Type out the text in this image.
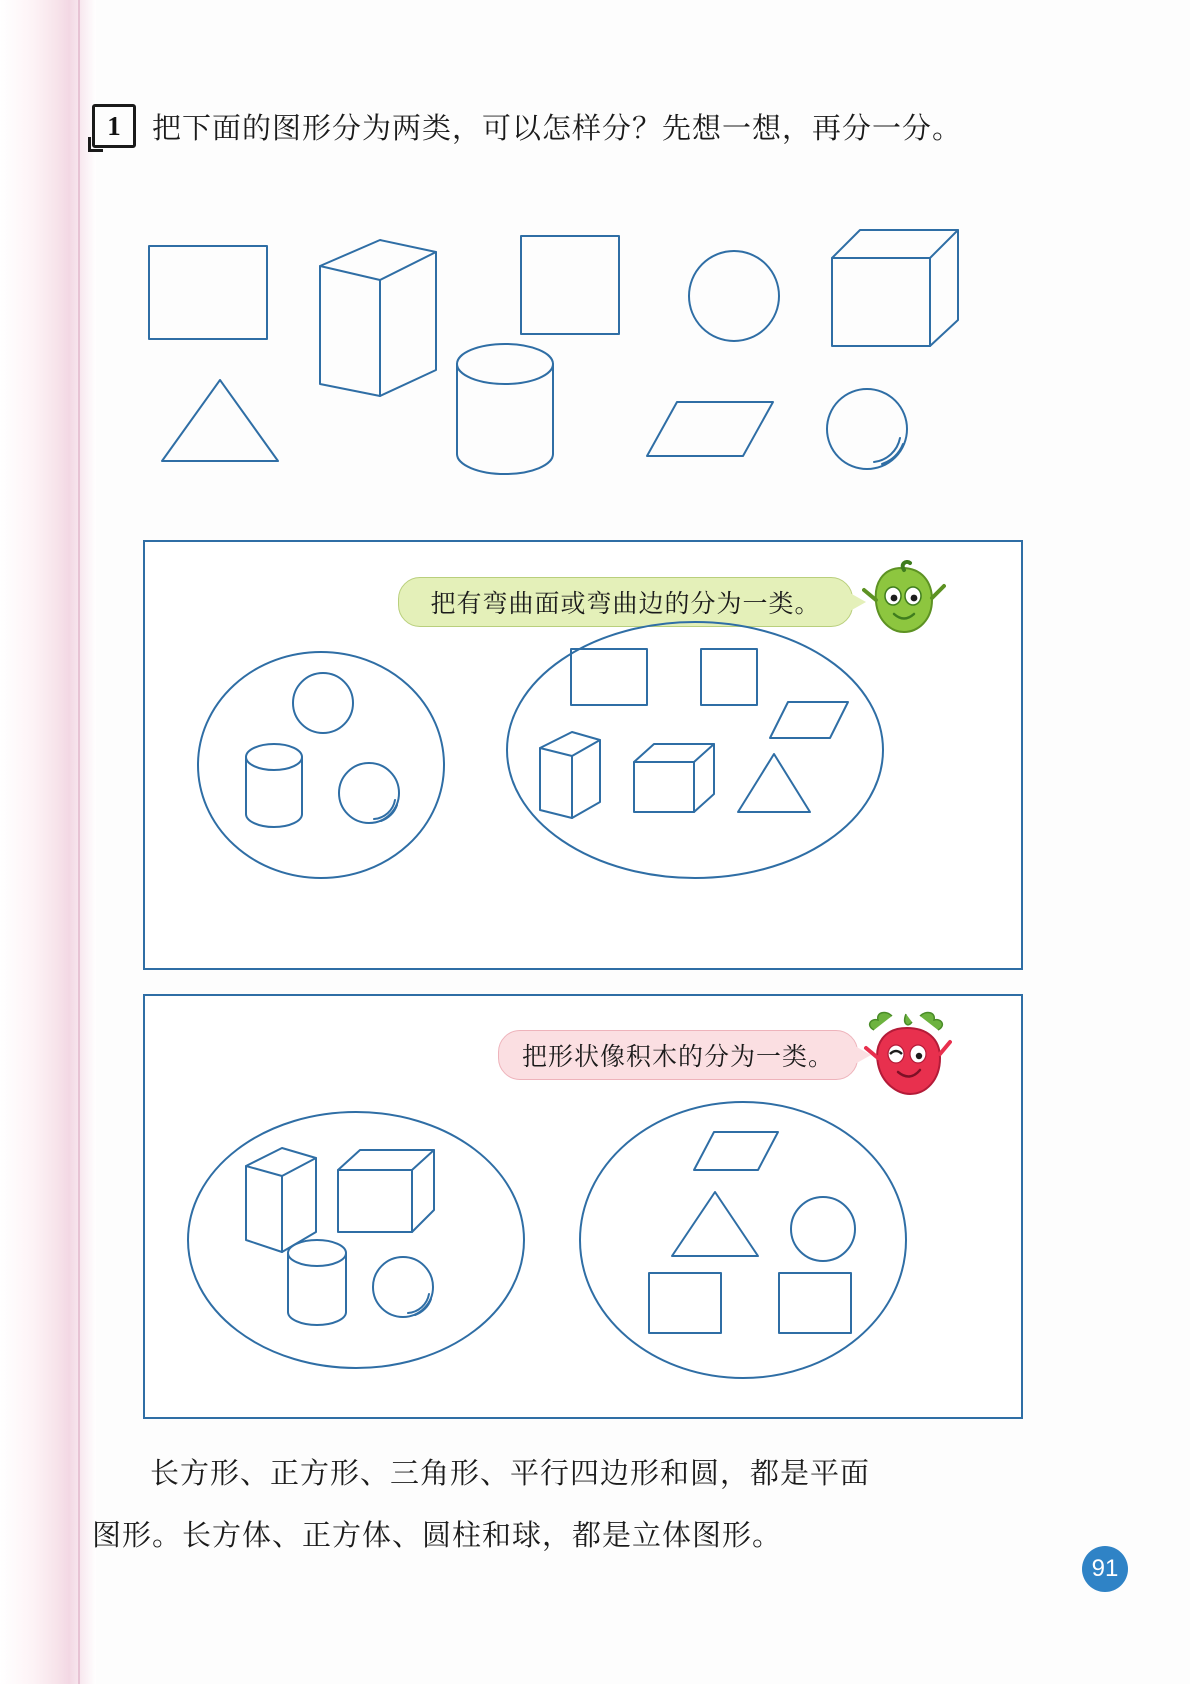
1	把下面的图形分为两类，可以怎样分？先想一想，再分一分。
把有弯曲面或弯曲边的分为一类。
把形状像积木的分为一类。
长方形、正方形、三角形、平行四边形和圆，都是平面
图形。长方体、正方体、圆柱和球，都是立体图形。
91
